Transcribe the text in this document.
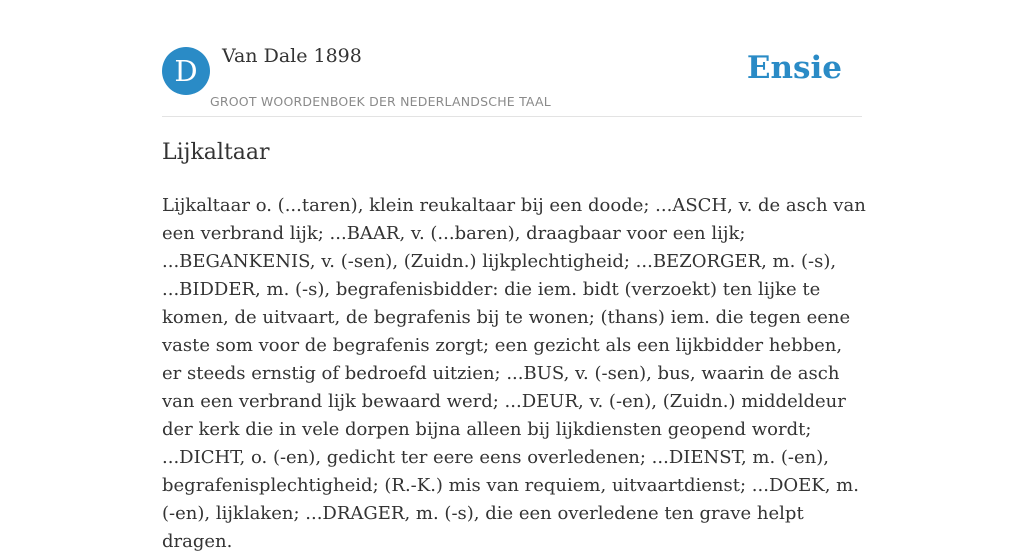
D	Van Dale 1898
GROOT WOORDENBOEK DER NEDERLANDSCHE TAAL
Ensie
Lijkaltaar

Lijkaltaar o. (...taren), klein reukaltaar bij een doode; ...ASCH, v. de asch van een verbrand lijk; ...BAAR, v. (...baren), draagbaar voor een lijk; ...BEGANKENIS, v. (-sen), (Zuidn.) lijkplechtigheid; ...BEZORGER, m. (-s), ...BIDDER, m. (-s), begrafenisbidder: die iem. bidt (verzoekt) ten lijke te komen, de uitvaart, de begrafenis bij te wonen; (thans) iem. die tegen eene vaste som voor de begrafenis zorgt; een gezicht als een lijkbidder hebben, er steeds ernstig of bedroefd uitzien; ...BUS, v. (-sen), bus, waarin de asch van een verbrand lijk bewaard werd; ...DEUR, v. (-en), (Zuidn.) middeldeur der kerk die in vele dorpen bijna alleen bij lijkdiensten geopend wordt; ...DICHT, o. (-en), gedicht ter eere eens overledenen; ...DIENST, m. (-en), begrafenisplechtigheid; (R.-K.) mis van requiem, uitvaartdienst; ...DOEK, m. (-en), lijklaken; ...DRAGER, m. (-s), die een overledene ten grave helpt dragen.
